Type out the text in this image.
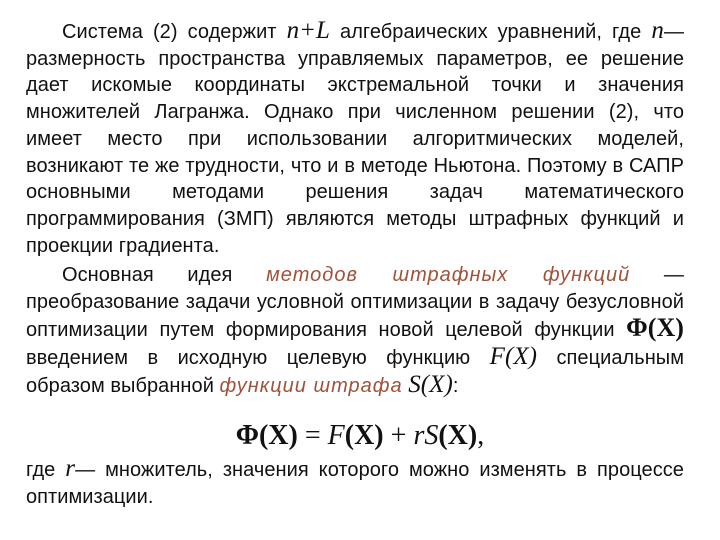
Система (2) содержит n+L алгебраических уравнений, где n— размерность пространства управляемых параметров, ее решение дает искомые координаты экстремальной точки и значения множителей Лагранжа. Однако при численном решении (2), что имеет место при использовании алгоритмических моделей, возникают те же трудности, что и в методе Ньютона. Поэтому в САПР основными методами решения задач математического программирования (ЗМП) являются методы штрафных функций и проекции градиента.
Основная идея методов штрафных функций — преобразование задачи условной оптимизации в задачу безусловной оптимизации путем формирования новой целевой функции Φ(X) введением в исходную целевую функцию F(X) специальным образом выбранной функции штрафа S(X):
Φ(X) = F(X) + rS(X),
где r— множитель, значения которого можно изменять в процессе оптимизации.
